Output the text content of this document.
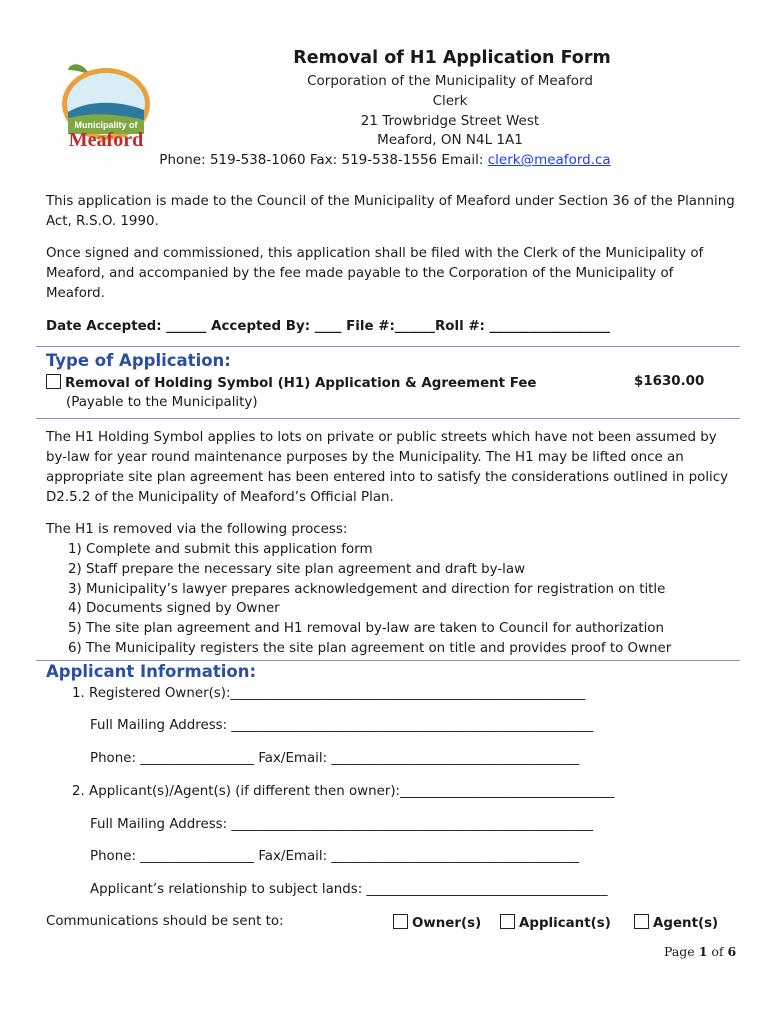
Municipality of
Meaford
Removal of H1 Application Form
Corporation of the Municipality of Meaford
Clerk
21 Trowbridge Street West
Meaford, ON N4L 1A1
Phone: 519-538-1060 Fax: 519-538-1556 Email: clerk@meaford.ca
This application is made to the Council of the Municipality of Meaford under Section 36 of the Planning Act, R.S.O. 1990.
Once signed and commissioned, this application shall be filed with the Clerk of the Municipality of Meaford, and accompanied by the fee made payable to the Corporation of the Municipality of Meaford.
Date Accepted: ______ Accepted By: ____ File #:______Roll #: __________________
Type of Application:
Removal of Holding Symbol (H1) Application & Agreement Fee	$1630.00
(Payable to the Municipality)
The H1 Holding Symbol applies to lots on private or public streets which have not been assumed by by-law for year round maintenance purposes by the Municipality. The H1 may be lifted once an appropriate site plan agreement has been entered into to satisfy the considerations outlined in policy D2.5.2 of the Municipality of Meaford’s Official Plan.
The H1 is removed via the following process:
1) Complete and submit this application form
2) Staff prepare the necessary site plan agreement and draft by-law
3) Municipality’s lawyer prepares acknowledgement and direction for registration on title
4) Documents signed by Owner
5) The site plan agreement and H1 removal by-law are taken to Council for authorization
6) The Municipality registers the site plan agreement on title and provides proof to Owner
Applicant Information:
1. Registered Owner(s):_____________________________________________________
Full Mailing Address: ______________________________________________________
Phone: _________________ Fax/Email: _____________________________________
2. Applicant(s)/Agent(s) (if different then owner):________________________________
Full Mailing Address: ______________________________________________________
Phone: _________________ Fax/Email: _____________________________________
Applicant’s relationship to subject lands: ____________________________________
Communications should be sent to:	Owner(s)	Applicant(s)	Agent(s)
Page 1 of 6
